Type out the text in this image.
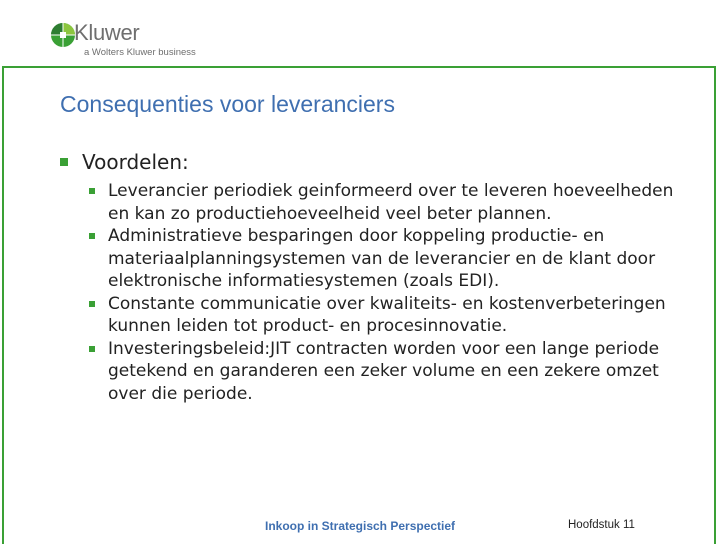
Kluwer
a Wolters Kluwer business
Consequenties voor leveranciers
Voordelen:
Leverancier periodiek geinformeerd over te leveren hoeveelheden en kan zo productiehoeveelheid veel beter plannen.
Administratieve besparingen door koppeling productie- en materiaalplanningsystemen van de leverancier en de klant door elektronische informatiesystemen (zoals EDI).
Constante communicatie over kwaliteits- en kostenverbeteringen kunnen leiden tot product- en procesinnovatie.
Investeringsbeleid:JIT contracten worden voor een lange periode getekend en garanderen een zeker volume en een zekere omzet over die periode.
Inkoop in Strategisch Perspectief	Hoofdstuk 11
